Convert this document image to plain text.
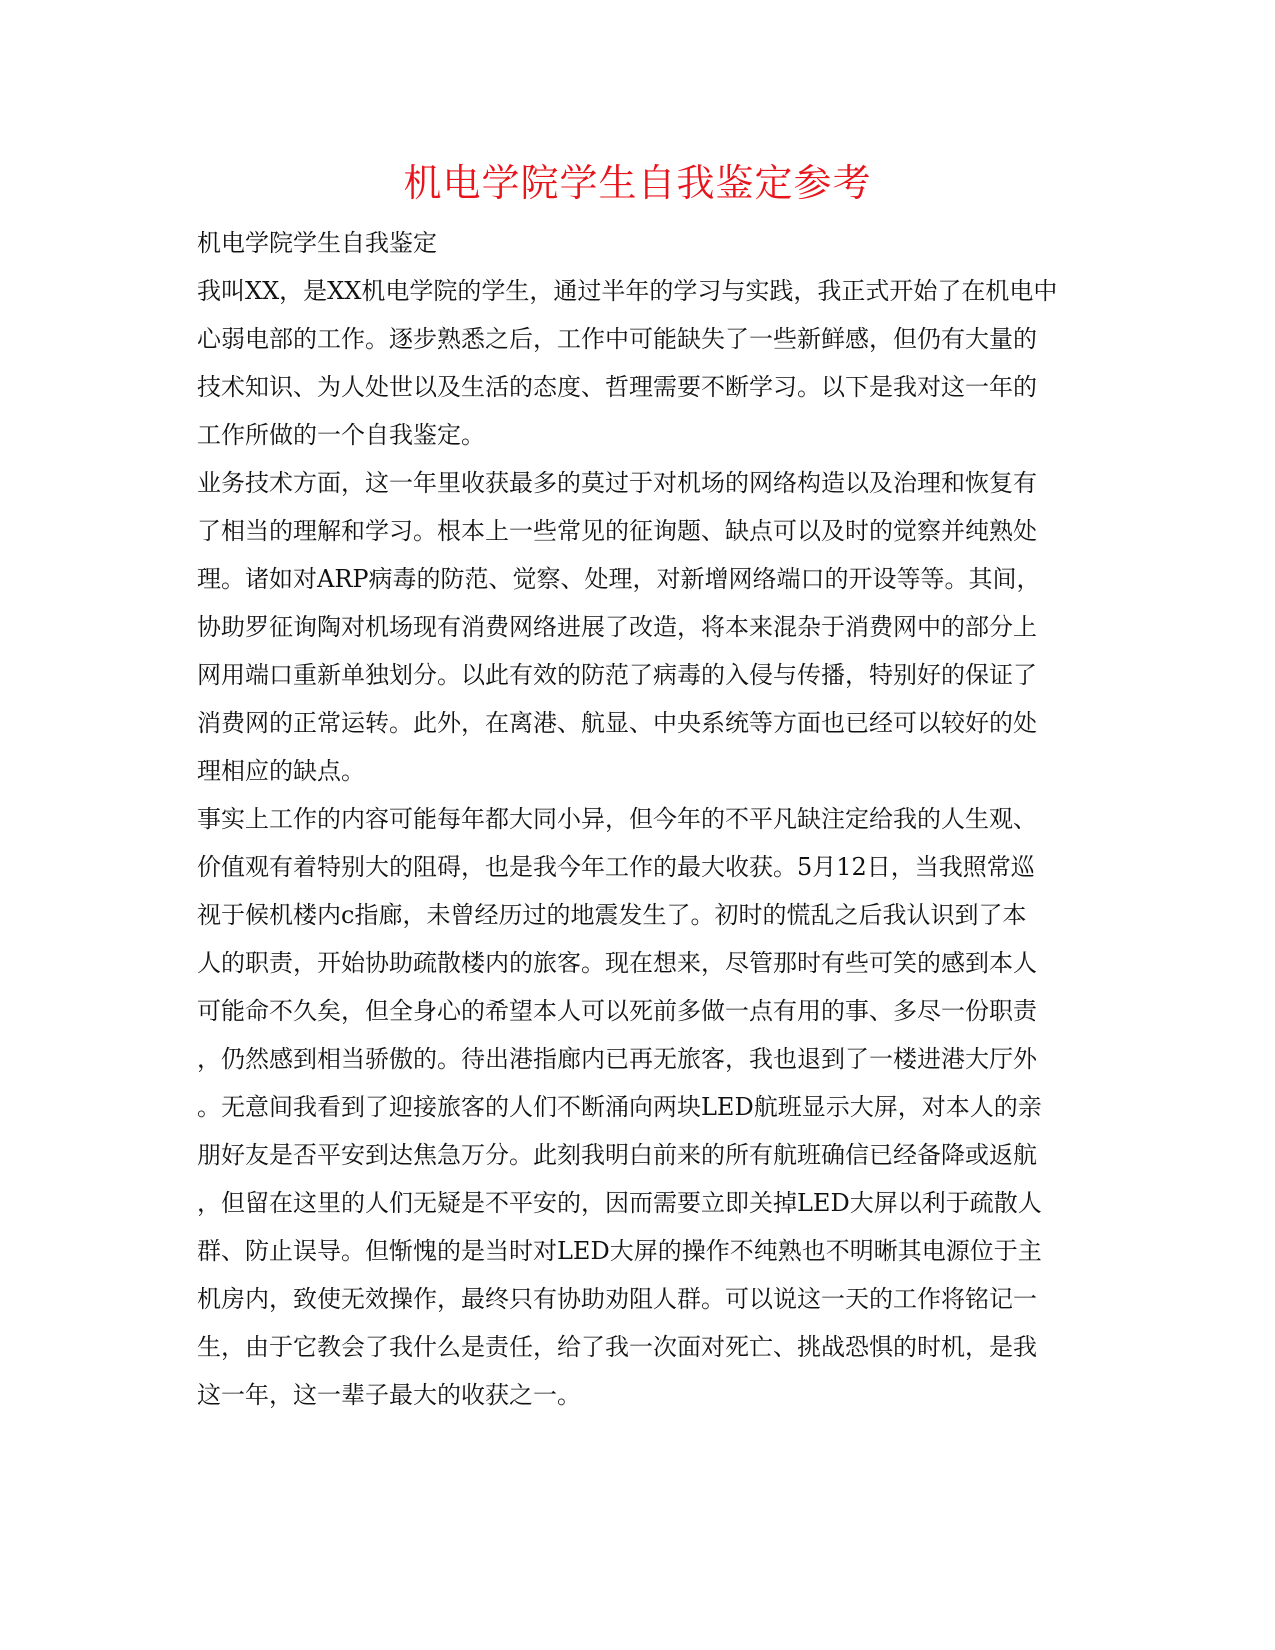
机电学院学生自我鉴定参考
机电学院学生自我鉴定
我叫XX，是XX机电学院的学生，通过半年的学习与实践，我正式开始了在机电中
心弱电部的工作。逐步熟悉之后，工作中可能缺失了一些新鲜感，但仍有大量的
技术知识、为人处世以及生活的态度、哲理需要不断学习。以下是我对这一年的
工作所做的一个自我鉴定。
业务技术方面，这一年里收获最多的莫过于对机场的网络构造以及治理和恢复有
了相当的理解和学习。根本上一些常见的征询题、缺点可以及时的觉察并纯熟处
理。诸如对ARP病毒的防范、觉察、处理，对新增网络端口的开设等等。其间，
协助罗征询陶对机场现有消费网络进展了改造，将本来混杂于消费网中的部分上
网用端口重新单独划分。以此有效的防范了病毒的入侵与传播，特别好的保证了
消费网的正常运转。此外，在离港、航显、中央系统等方面也已经可以较好的处
理相应的缺点。
事实上工作的内容可能每年都大同小异，但今年的不平凡缺注定给我的人生观、
价值观有着特别大的阻碍，也是我今年工作的最大收获。5月12日，当我照常巡
视于候机楼内c指廊，未曾经历过的地震发生了。初时的慌乱之后我认识到了本
人的职责，开始协助疏散楼内的旅客。现在想来，尽管那时有些可笑的感到本人
可能命不久矣，但全身心的希望本人可以死前多做一点有用的事、多尽一份职责
，仍然感到相当骄傲的。待出港指廊内已再无旅客，我也退到了一楼进港大厅外
。无意间我看到了迎接旅客的人们不断涌向两块LED航班显示大屏，对本人的亲
朋好友是否平安到达焦急万分。此刻我明白前来的所有航班确信已经备降或返航
，但留在这里的人们无疑是不平安的，因而需要立即关掉LED大屏以利于疏散人
群、防止误导。但惭愧的是当时对LED大屏的操作不纯熟也不明晰其电源位于主
机房内，致使无效操作，最终只有协助劝阻人群。可以说这一天的工作将铭记一
生，由于它教会了我什么是责任，给了我一次面对死亡、挑战恐惧的时机，是我
这一年，这一辈子最大的收获之一。
